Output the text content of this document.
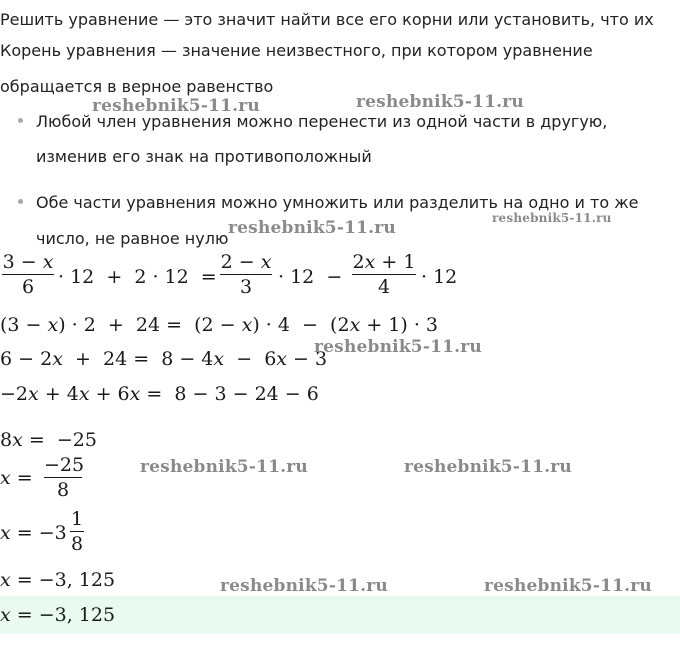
Решить уравнение — это значит найти все его корни или установить, что их
Корень уравнения — значение неизвестного, при котором уравнение
обращается в верное равенство
Любой член уравнения можно перенести из одной части в другую,
изменив его знак на противоположный
Обе части уравнения можно умножить или разделить на одно и то же
число, не равное нулю
3 − x
6	· 12  +  2 · 12  =
2 − x
3	· 12  −
2x + 1
4	· 12
(3 − x) · 2  +  24 =  (2 − x) · 4  −  (2x + 1) · 3
6 − 2x  +  24 =  8 − 4x  −  6x − 3
−2x + 4x + 6x =  8 − 3 − 24 − 6
8x =  −25
x =
−25
8
x = −3
1
8
x = −3, 125
x = −3, 125
reshebnik5-11.ru	reshebnik5-11.ru
reshebnik5-11.ru	reshebnik5-11.ru
reshebnik5-11.ru
reshebnik5-11.ru	reshebnik5-11.ru
reshebnik5-11.ru	reshebnik5-11.ru
